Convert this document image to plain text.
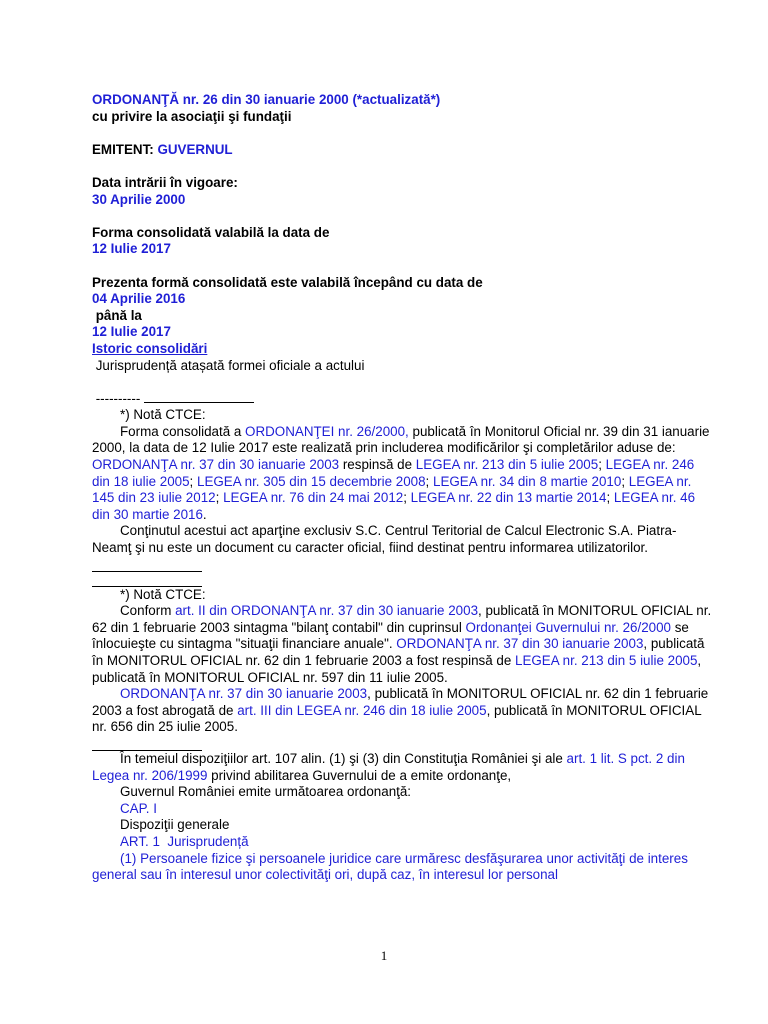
ORDONANŢĂ nr. 26 din 30 ianuarie 2000 (*actualizată*)
cu privire la asociaţii şi fundaţii
EMITENT: GUVERNUL
Data intrării în vigoare:
30 Aprilie 2000
Forma consolidată valabilă la data de
12 Iulie 2017
Prezenta formă consolidată este valabilă începând cu data de
04 Aprilie 2016
până la
12 Iulie 2017
Istoric consolidări
Jurisprudență atașată formei oficiale a actului
----------
*) Notă CTCE:
Forma consolidată a ORDONANŢEI nr. 26/2000, publicată în Monitorul Oficial nr. 39 din 31 ianuarie 2000, la data de 12 Iulie 2017 este realizată prin includerea modificărilor şi completărilor aduse de: ORDONANŢA nr. 37 din 30 ianuarie 2003 respinsă de LEGEA nr. 213 din 5 iulie 2005; LEGEA nr. 246 din 18 iulie 2005; LEGEA nr. 305 din 15 decembrie 2008; LEGEA nr. 34 din 8 martie 2010; LEGEA nr. 145 din 23 iulie 2012; LEGEA nr. 76 din 24 mai 2012; LEGEA nr. 22 din 13 martie 2014; LEGEA nr. 46 din 30 martie 2016.
Conţinutul acestui act aparţine exclusiv S.C. Centrul Teritorial de Calcul Electronic S.A. Piatra-Neamţ şi nu este un document cu caracter oficial, fiind destinat pentru informarea utilizatorilor.
*) Notă CTCE:
Conform art. II din ORDONANŢA nr. 37 din 30 ianuarie 2003, publicată în MONITORUL OFICIAL nr. 62 din 1 februarie 2003 sintagma "bilanţ contabil" din cuprinsul Ordonanţei Guvernului nr. 26/2000 se înlocuieşte cu sintagma "situaţii financiare anuale". ORDONANŢA nr. 37 din 30 ianuarie 2003, publicată în MONITORUL OFICIAL nr. 62 din 1 februarie 2003 a fost respinsă de LEGEA nr. 213 din 5 iulie 2005, publicată în MONITORUL OFICIAL nr. 597 din 11 iulie 2005.
ORDONANŢA nr. 37 din 30 ianuarie 2003, publicată în MONITORUL OFICIAL nr. 62 din 1 februarie 2003 a fost abrogată de art. III din LEGEA nr. 246 din 18 iulie 2005, publicată în MONITORUL OFICIAL nr. 656 din 25 iulie 2005.
În temeiul dispoziţiilor art. 107 alin. (1) şi (3) din Constituţia României şi ale art. 1 lit. S pct. 2 din Legea nr. 206/1999 privind abilitarea Guvernului de a emite ordonanţe,
Guvernul României emite următoarea ordonanţă:
CAP. I
Dispoziţii generale
ART. 1 Jurisprudență
(1) Persoanele fizice şi persoanele juridice care urmăresc desfăşurarea unor activităţi de interes general sau în interesul unor colectivităţi ori, după caz, în interesul lor personal
1
